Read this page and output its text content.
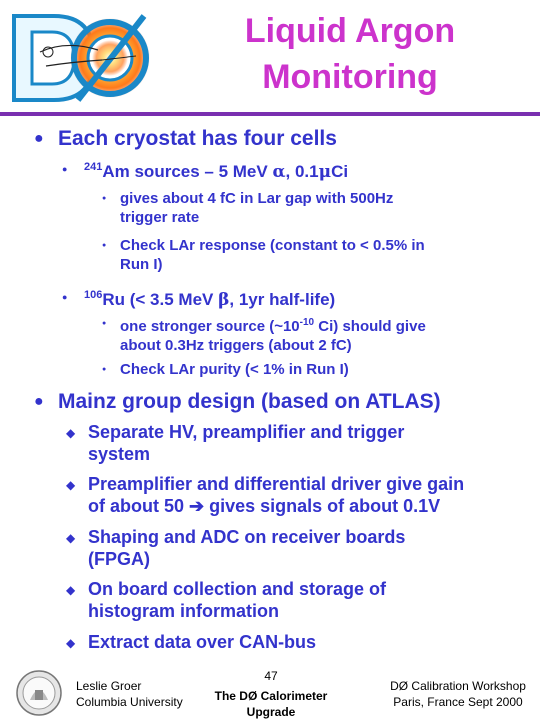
Liquid Argon
Monitoring
● Each cryostat has four cells
● $^{241}$Am sources – 5 MeV α, 0.1μCi
● gives about 4 fC in Lar gap with 500Hz
trigger rate
● Check LAr response (constant to < 0.5% in
Run I)
● $^{106}$Ru (< 3.5 MeV β, 1yr half-life)
● one stronger source ($\sim 10^{-10}$ Ci) should give
about 0.3Hz triggers (about 2 fC)
● Check LAr purity (< 1% in Run I)
● Mainz group design (based on ATLAS)
◆ Separate HV, preamplifier and trigger
system
◆ Preamplifier and differential driver give gain
of about 50 ➔ gives signals of about 0.1V
◆ Shaping and ADC on receiver boards
(FPGA)
◆ On board collection and storage of
histogram information
◆ Extract data over CAN-bus
Leslie Groer
Columbia University
47
The DØ Calorimeter Upgrade
DØ Calibration Workshop
Paris, France Sept 2000
